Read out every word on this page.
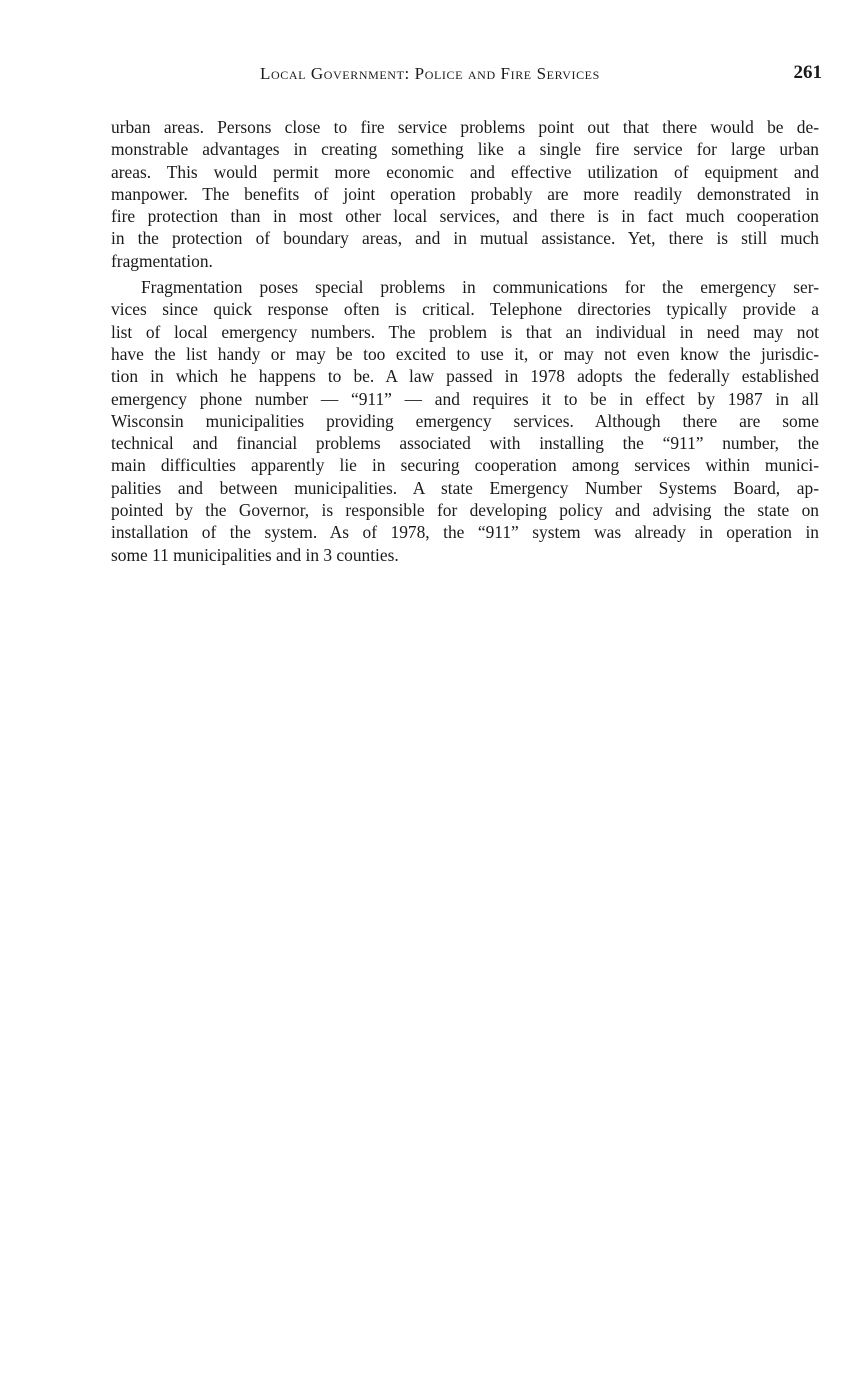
Local Government: Police and Fire Services	261

urban areas. Persons close to fire service problems point out that there would be de-
monstrable advantages in creating something like a single fire service for large urban
areas. This would permit more economic and effective utilization of equipment and
manpower. The benefits of joint operation probably are more readily demonstrated in
fire protection than in most other local services, and there is in fact much cooperation
in the protection of boundary areas, and in mutual assistance. Yet, there is still much
fragmentation.

Fragmentation poses special problems in communications for the emergency ser-
vices since quick response often is critical. Telephone directories typically provide a
list of local emergency numbers. The problem is that an individual in need may not
have the list handy or may be too excited to use it, or may not even know the jurisdic-
tion in which he happens to be. A law passed in 1978 adopts the federally established
emergency phone number — “911” — and requires it to be in effect by 1987 in all
Wisconsin municipalities providing emergency services. Although there are some
technical and financial problems associated with installing the “911” number, the
main difficulties apparently lie in securing cooperation among services within munici-
palities and between municipalities. A state Emergency Number Systems Board, ap-
pointed by the Governor, is responsible for developing policy and advising the state on
installation of the system. As of 1978, the “911” system was already in operation in
some 11 municipalities and in 3 counties.
